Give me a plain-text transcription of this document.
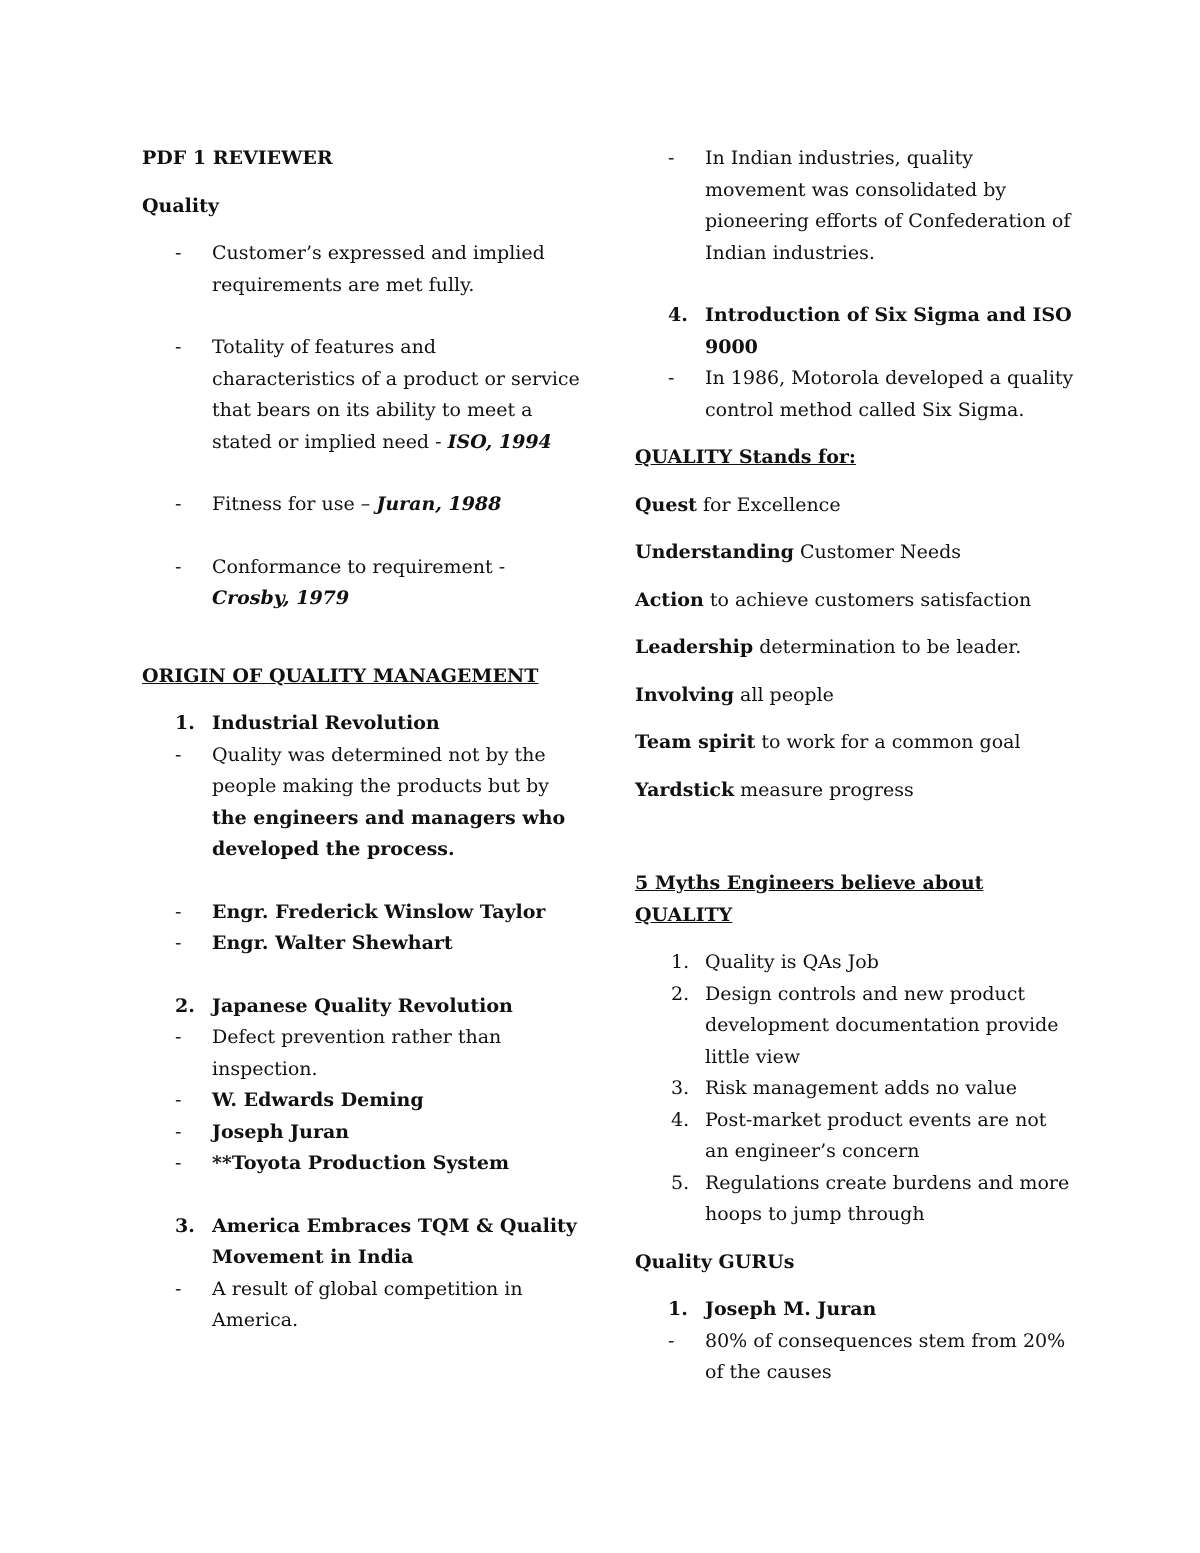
PDF 1 REVIEWER
Quality
- Customer’s expressed and implied requirements are met fully.
- Totality of features and characteristics of a product or service that bears on its ability to meet a stated or implied need - ISO, 1994
- Fitness for use – Juran, 1988
- Conformance to requirement - Crosby, 1979
ORIGIN OF QUALITY MANAGEMENT
1. Industrial Revolution
- Quality was determined not by the people making the products but by the engineers and managers who developed the process.
- Engr. Frederick Winslow Taylor
- Engr. Walter Shewhart
2. Japanese Quality Revolution
- Defect prevention rather than inspection.
- W. Edwards Deming
- Joseph Juran
- **Toyota Production System
3. America Embraces TQM & Quality Movement in India
- A result of global competition in America.
- In Indian industries, quality movement was consolidated by pioneering efforts of Confederation of Indian industries.
4. Introduction of Six Sigma and ISO 9000
- In 1986, Motorola developed a quality control method called Six Sigma.
QUALITY Stands for:
Quest for Excellence
Understanding Customer Needs
Action to achieve customers satisfaction
Leadership determination to be leader.
Involving all people
Team spirit to work for a common goal
Yardstick measure progress
5 Myths Engineers believe about QUALITY
1. Quality is QAs Job
2. Design controls and new product development documentation provide little view
3. Risk management adds no value
4. Post-market product events are not an engineer’s concern
5. Regulations create burdens and more hoops to jump through
Quality GURUs
1. Joseph M. Juran
- 80% of consequences stem from 20% of the causes
